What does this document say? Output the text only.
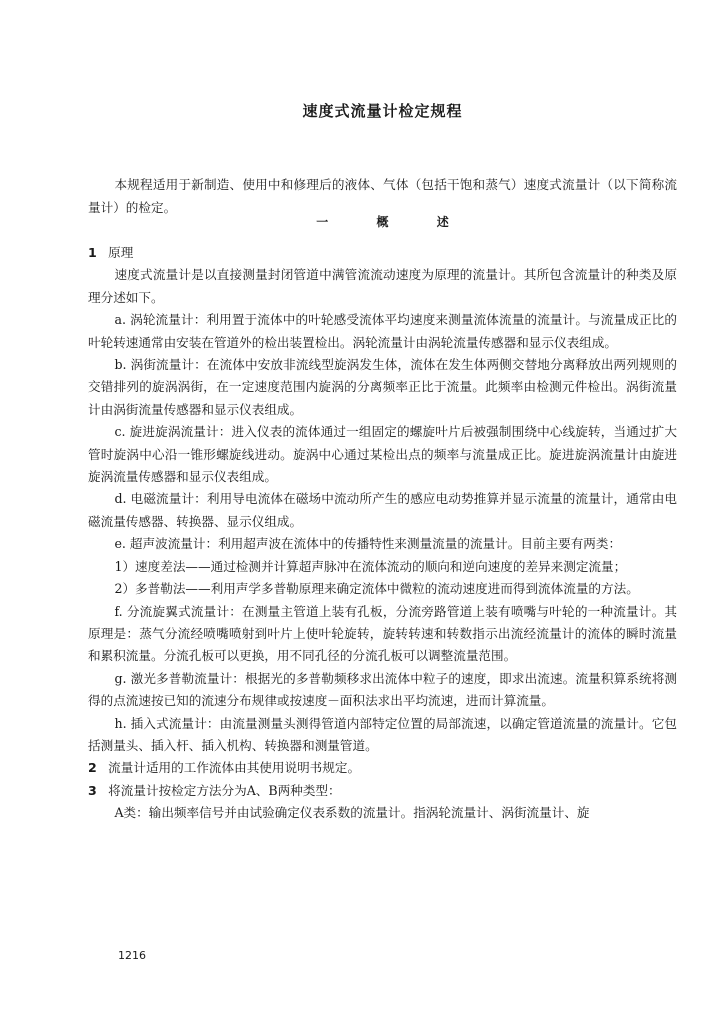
速度式流量计检定规程

本规程适用于新制造、使用中和修理后的液体、气体（包括干饱和蒸气）速度式流量计（以下简称流量计）的检定。

一	概	述

1 原理

速度式流量计是以直接测量封闭管道中满管流流动速度为原理的流量计。其所包含流量计的种类及原理分述如下。

a. 涡轮流量计：利用置于流体中的叶轮感受流体平均速度来测量流体流量的流量计。与流量成正比的叶轮转速通常由安装在管道外的检出装置检出。涡轮流量计由涡轮流量传感器和显示仪表组成。

b. 涡街流量计：在流体中安放非流线型旋涡发生体，流体在发生体两侧交替地分离释放出两列规则的交错排列的旋涡涡街，在一定速度范围内旋涡的分离频率正比于流量。此频率由检测元件检出。涡街流量计由涡街流量传感器和显示仪表组成。

c. 旋进旋涡流量计：进入仪表的流体通过一组固定的螺旋叶片后被强制围绕中心线旋转，当通过扩大管时旋涡中心沿一锥形螺旋线进动。旋涡中心通过某检出点的频率与流量成正比。旋进旋涡流量计由旋进旋涡流量传感器和显示仪表组成。

d. 电磁流量计：利用导电流体在磁场中流动所产生的感应电动势推算并显示流量的流量计，通常由电磁流量传感器、转换器、显示仪组成。

e. 超声波流量计：利用超声波在流体中的传播特性来测量流量的流量计。目前主要有两类：

1）速度差法——通过检测并计算超声脉冲在流体流动的顺向和逆向速度的差异来测定流量；

2）多普勒法——利用声学多普勒原理来确定流体中微粒的流动速度进而得到流体流量的方法。

f. 分流旋翼式流量计：在测量主管道上装有孔板，分流旁路管道上装有喷嘴与叶轮的一种流量计。其原理是：蒸气分流经喷嘴喷射到叶片上使叶轮旋转，旋转转速和转数指示出流经流量计的流体的瞬时流量和累积流量。分流孔板可以更换，用不同孔径的分流孔板可以调整流量范围。

g. 激光多普勒流量计：根据光的多普勒频移求出流体中粒子的速度，即求出流速。流量积算系统将测得的点流速按已知的流速分布规律或按速度－面积法求出平均流速，进而计算流量。

h. 插入式流量计：由流量测量头测得管道内部特定位置的局部流速，以确定管道流量的流量计。它包括测量头、插入杆、插入机构、转换器和测量管道。

2 流量计适用的工作流体由其使用说明书规定。

3 将流量计按检定方法分为A、B两种类型：

A类：输出频率信号并由试验确定仪表系数的流量计。指涡轮流量计、涡街流量计、旋

1216
